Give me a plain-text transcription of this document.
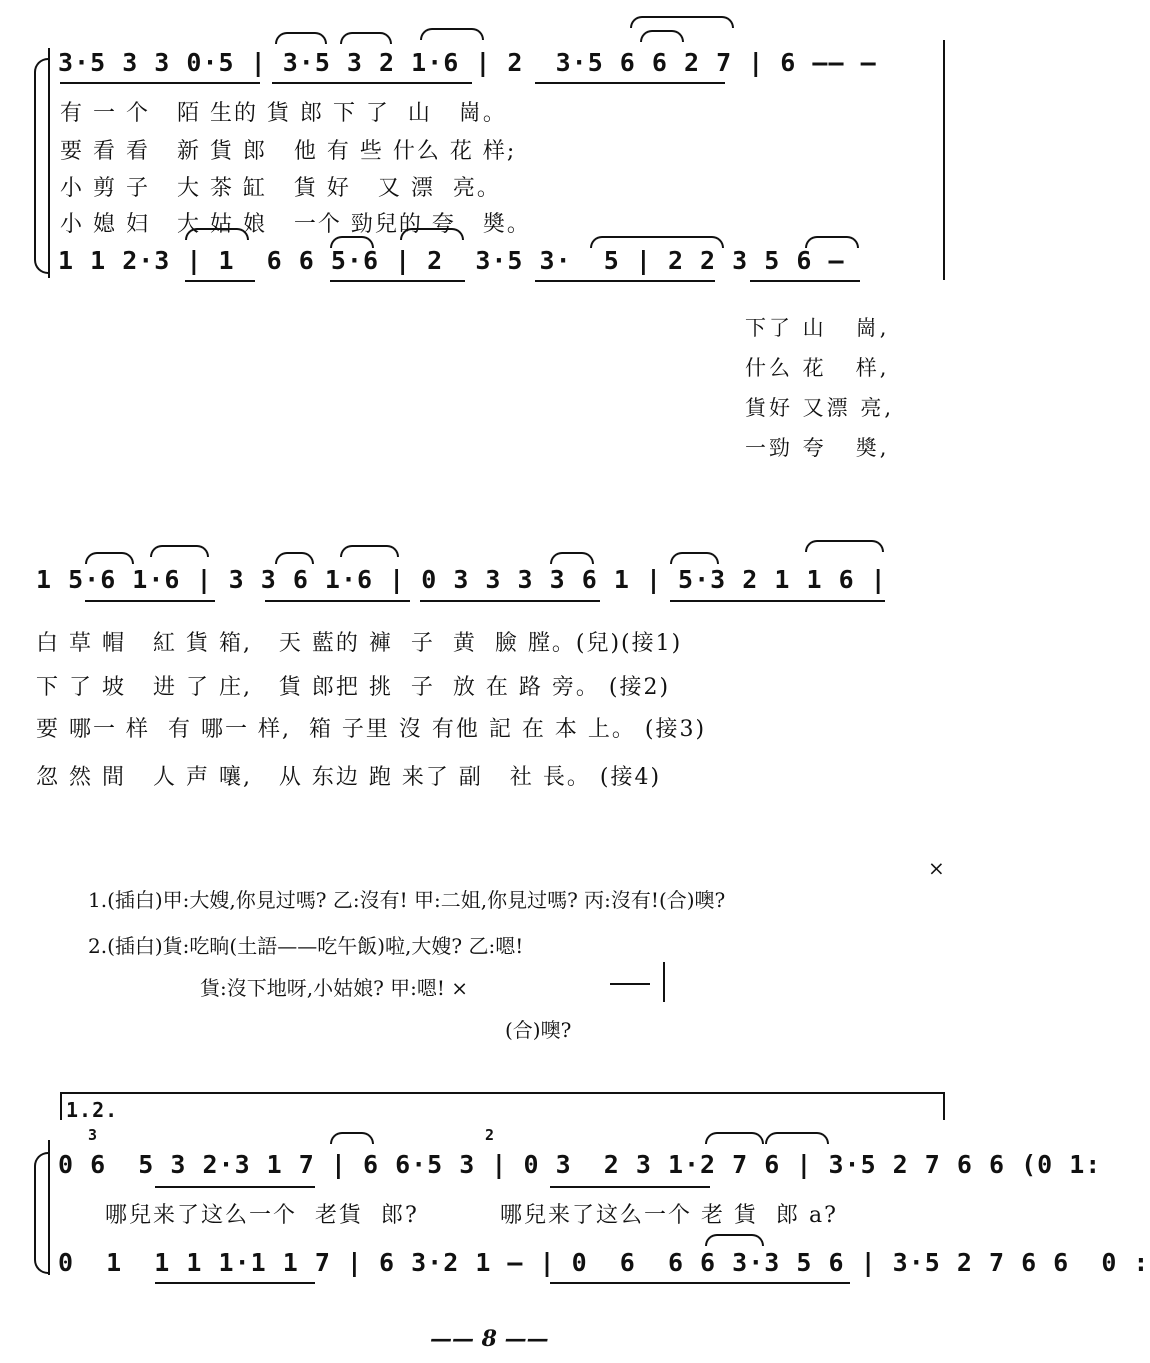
3·5 3 3 0·5 | 3·5 3 2 1·6 | 2  3·5 6 6 2 7 | 6 —— —
有 一 个   陌 生的 貨 郎 下 了  山   崗。
要 看 看   新 貨 郎   他 有 些 什么 花 样;
小 剪 子   大 茶 缸   貨 好   又 漂  亮。
小 媳 妇   大 姑 娘   一个 勁兒的 夸   奬。
1 1 2·3 | 1  6 6 5·6 | 2  3·5 3·  5 | 2 2 3 5 6 —
下了 山   崗,
什么 花   样,
貨好 又漂 亮,
一勁 夸   奬,
1 5·6 1·6 | 3 3 6 1·6 | 0 3 3 3 3 6 1 | 5·3 2 1 1 6 |
白 草 帽   紅 貨 箱,   天 藍的 褲  子  黄  臉 膛。(兒)(接1)
下 了 坡   进 了 庄,   貨 郎把 挑  子  放 在 路 旁。 (接2)
要 哪一 样  有 哪一 样,  箱 子里 沒 有他 記 在 本 上。 (接3)
忽 然 間   人 声 嚷,   从 东边 跑 来了 副   社 長。 (接4)
×
1.(插白)甲:大嫂,你見过嗎? 乙:沒有! 甲:二姐,你見过嗎? 丙:沒有!(合)噢?
2.(插白)貨:吃晌(土語——吃午飯)啦,大嫂? 乙:嗯!
貨:沒下地呀,小姑娘? 甲:嗯! ×
(合)噢?
1.2.
3	2
0 6  5 3 2·3 1 7 | 6 6·5 3 | 0 3  2 3 1·2 7 6 | 3·5 2 7 6 6 (0 1:
哪兒来了这么一个  老貨  郎?	哪兒来了这么一个 老 貨  郎 a?
0  1  1 1 1·1 1 7 | 6 3·2 1 — | 0  6  6 6 3·3 5 6 | 3·5 2 7 6 6  0 :
—— 8 ——
